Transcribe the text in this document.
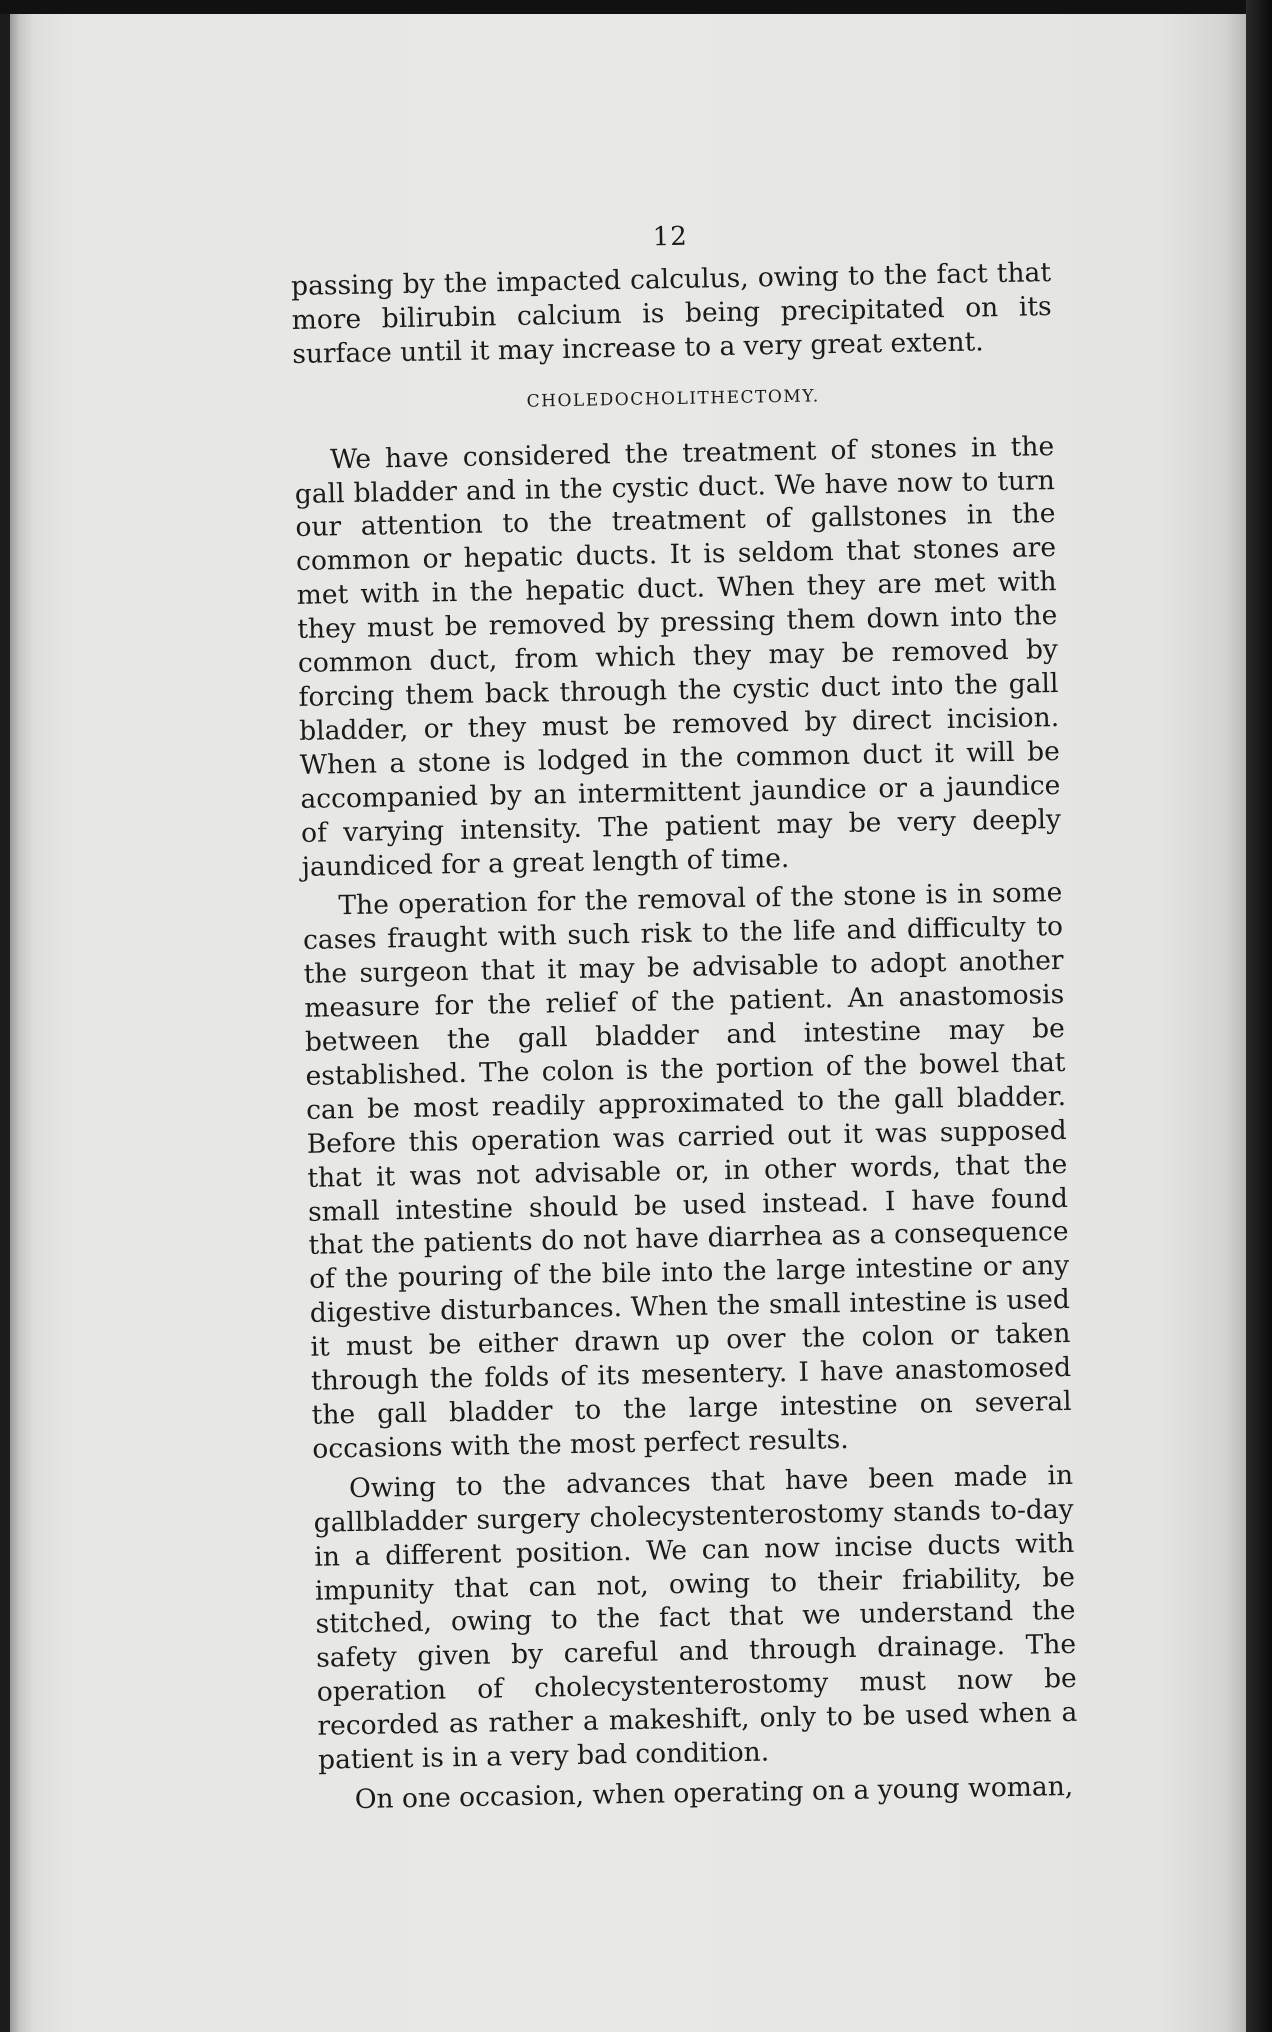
12

passing by the impacted calculus, owing to the fact that more bilirubin calcium is being precipitated on its surface until it may increase to a very great extent.

CHOLEDOCHOLITHECTOMY.

We have considered the treatment of stones in the gall bladder and in the cystic duct. We have now to turn our attention to the treatment of gallstones in the common or hepatic ducts. It is seldom that stones are met with in the hepatic duct. When they are met with they must be removed by pressing them down into the common duct, from which they may be removed by forcing them back through the cystic duct into the gall bladder, or they must be removed by direct incision. When a stone is lodged in the common duct it will be accompanied by an intermittent jaundice or a jaundice of varying intensity. The patient may be very deeply jaundiced for a great length of time.

The operation for the removal of the stone is in some cases fraught with such risk to the life and difficulty to the surgeon that it may be advisable to adopt another measure for the relief of the patient. An anastomosis between the gall bladder and intestine may be established. The colon is the portion of the bowel that can be most readily approximated to the gall bladder. Before this operation was carried out it was supposed that it was not advisable or, in other words, that the small intestine should be used instead. I have found that the patients do not have diarrhea as a consequence of the pouring of the bile into the large intestine or any digestive disturbances. When the small intestine is used it must be either drawn up over the colon or taken through the folds of its mesentery. I have anastomosed the gall bladder to the large intestine on several occasions with the most perfect results.

Owing to the advances that have been made in gallbladder surgery cholecystenterostomy stands to-day in a different position. We can now incise ducts with impunity that can not, owing to their friability, be stitched, owing to the fact that we understand the safety given by careful and through drainage. The operation of cholecystenterostomy must now be recorded as rather a makeshift, only to be used when a patient is in a very bad condition.

On one occasion, when operating on a young woman,
